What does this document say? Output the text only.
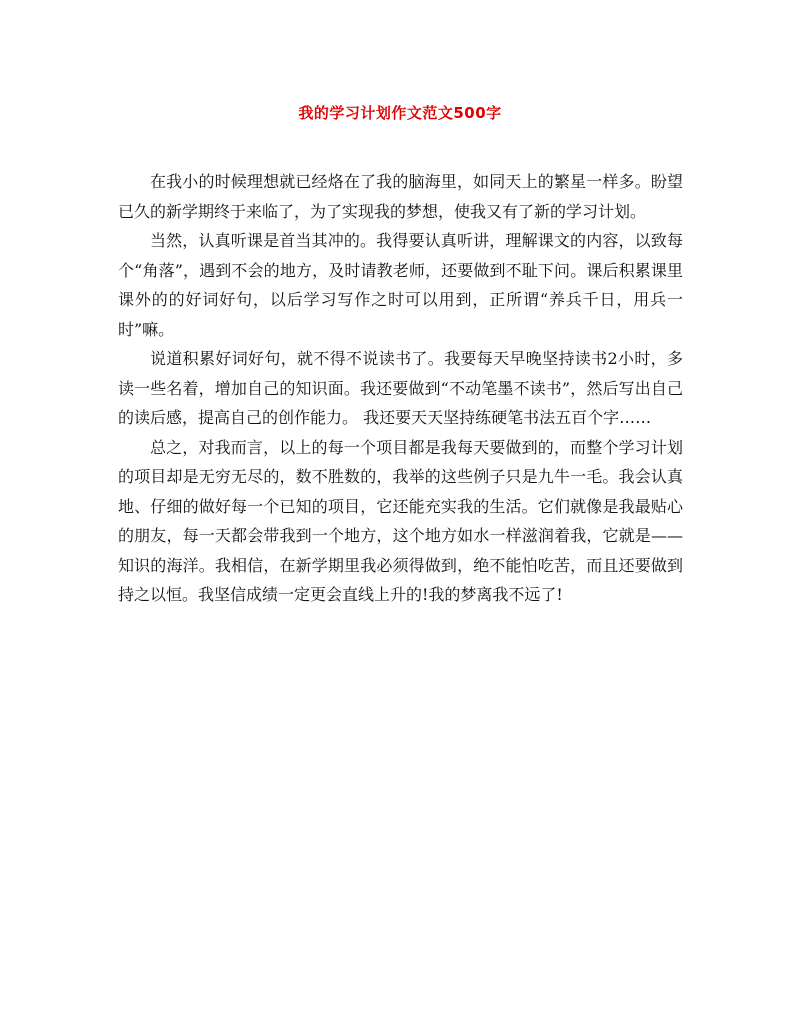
我的学习计划作文范文500字

在我小的时候理想就已经烙在了我的脑海里，如同天上的繁星一样多。盼望已久的新学期终于来临了，为了实现我的梦想，使我又有了新的学习计划。

当然，认真听课是首当其冲的。我得要认真听讲，理解课文的内容，以致每个“角落”，遇到不会的地方，及时请教老师，还要做到不耻下问。课后积累课里课外的的好词好句，以后学习写作之时可以用到，正所谓“养兵千日，用兵一时”嘛。

说道积累好词好句，就不得不说读书了。我要每天早晚坚持读书2小时，多读一些名着，增加自己的知识面。我还要做到“不动笔墨不读书”，然后写出自己的读后感，提高自己的创作能力。 我还要天天坚持练硬笔书法五百个字……

总之，对我而言，以上的每一个项目都是我每天要做到的，而整个学习计划的项目却是无穷无尽的，数不胜数的，我举的这些例子只是九牛一毛。我会认真地、仔细的做好每一个已知的项目，它还能充实我的生活。它们就像是我最贴心的朋友，每一天都会带我到一个地方，这个地方如水一样滋润着我，它就是——知识的海洋。我相信，在新学期里我必须得做到，绝不能怕吃苦，而且还要做到持之以恒。我坚信成绩一定更会直线上升的!我的梦离我不远了!
